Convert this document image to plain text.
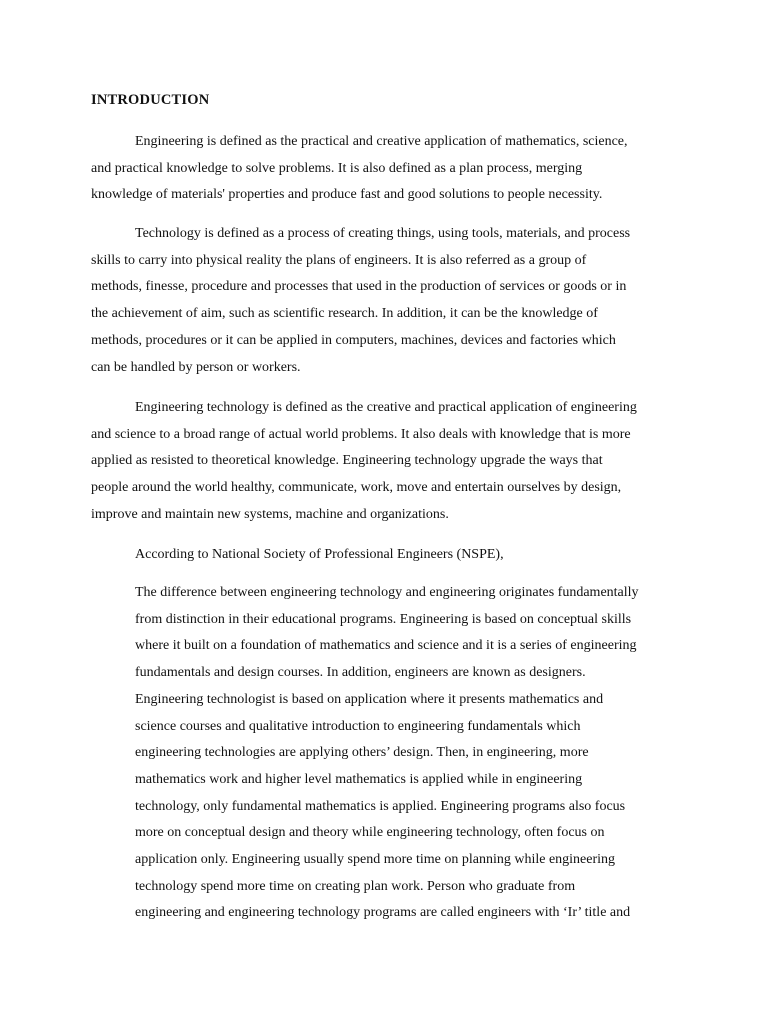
INTRODUCTION

Engineering is defined as the practical and creative application of mathematics, science,
and practical knowledge to solve problems. It is also defined as a plan process, merging
knowledge of materials' properties and produce fast and good solutions to people necessity.

Technology is defined as a process of creating things, using tools, materials, and process
skills to carry into physical reality the plans of engineers. It is also referred as a group of
methods, finesse, procedure and processes that used in the production of services or goods or in
the achievement of aim, such as scientific research. In addition, it can be the knowledge of
methods, procedures or it can be applied in computers, machines, devices and factories which
can be handled by person or workers.

Engineering technology is defined as the creative and practical application of engineering
and science to a broad range of actual world problems. It also deals with knowledge that is more
applied as resisted to theoretical knowledge. Engineering technology upgrade the ways that
people around the world healthy, communicate, work, move and entertain ourselves by design,
improve and maintain new systems, machine and organizations.

According to National Society of Professional Engineers (NSPE),

The difference between engineering technology and engineering originates fundamentally
from distinction in their educational programs. Engineering is based on conceptual skills
where it built on a foundation of mathematics and science and it is a series of engineering
fundamentals and design courses. In addition, engineers are known as designers.
Engineering technologist is based on application where it presents mathematics and
science courses and qualitative introduction to engineering fundamentals which
engineering technologies are applying others’ design. Then, in engineering, more
mathematics work and higher level mathematics is applied while in engineering
technology, only fundamental mathematics is applied. Engineering programs also focus
more on conceptual design and theory while engineering technology, often focus on
application only. Engineering usually spend more time on planning while engineering
technology spend more time on creating plan work. Person who graduate from
engineering and engineering technology programs are called engineers with ‘Ir’ title and
